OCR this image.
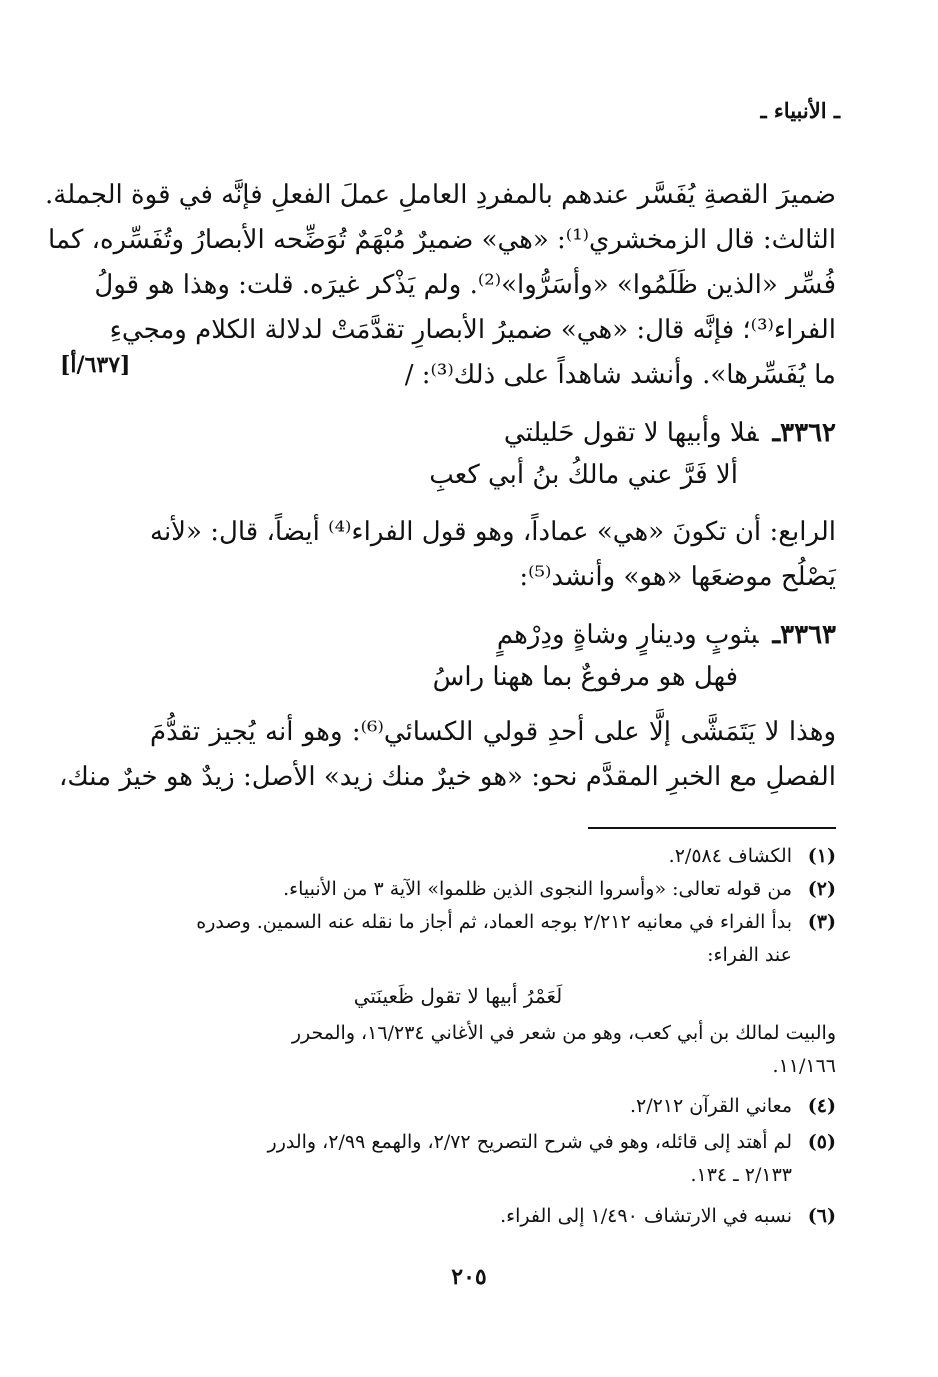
ـ الأنبياء ـ
ضميرَ القصةِ يُفَسَّر عندهم بالمفردِ العاملِ عملَ الفعلِ فإنَّه في قوة الجملة.
الثالث: قال الزمخشري⁽¹⁾: «هي» ضميرٌ مُبْهَمٌ تُوَضِّحه الأبصارُ وتُفَسِّره، كما
فُسِّر «الذين ظَلَمُوا» «وأسَرُّوا»⁽²⁾. ولم يَذْكر غيرَه. قلت: وهذا هو قولُ
الفراء⁽³⁾؛ فإنَّه قال: «هي» ضميرُ الأبصارِ تقدَّمَتْ لدلالة الكلام ومجيءِ
ما يُفَسِّرها». وأنشد شاهداً على ذلك⁽³⁾: /
[٦٣٧/أ]
٣٣٦٢ـفلا وأبيها لا تقول حَليلتي
ألا فَرَّ عني مالكُ بنُ أبي كعبِ
الرابع: أن تكونَ «هي» عماداً، وهو قول الفراء⁽⁴⁾ أيضاً، قال: «لأنه
يَصْلُح موضعَها «هو» وأنشد⁽⁵⁾:
٣٣٦٣ـبثوبٍ ودينارٍ وشاةٍ ودِرْهمٍ
فهل هو مرفوعٌ بما ههنا راسُ
وهذا لا يَتَمَشَّى إلَّا على أحدِ قولي الكسائي⁽⁶⁾: وهو أنه يُجيز تقدُّمَ
الفصلِ مع الخبرِ المقدَّم نحو: «هو خيرٌ منك زيد» الأصل: زيدٌ هو خيرٌ منك،
(١)الكشاف ٢/٥٨٤.
(٢)من قوله تعالى: «وأسروا النجوى الذين ظلموا» الآية ٣ من الأنبياء.
(٣)بدأ الفراء في معانيه ٢/٢١٢ بوجه العماد، ثم أجاز ما نقله عنه السمين. وصدره
عند الفراء:
لَعَمْرُ أبيها لا تقول ظَعينَتي
والبيت لمالك بن أبي كعب، وهو من شعر في الأغاني ١٦/٢٣٤، والمحرر
١١/١٦٦.
(٤)معاني القرآن ٢/٢١٢.
(٥)لم أهتد إلى قائله، وهو في شرح التصريح ٢/٧٢، والهمع ٢/٩٩، والدرر
٢/١٣٣ ـ ١٣٤.
(٦)نسبه في الارتشاف ١/٤٩٠ إلى الفراء.
٢٠٥
